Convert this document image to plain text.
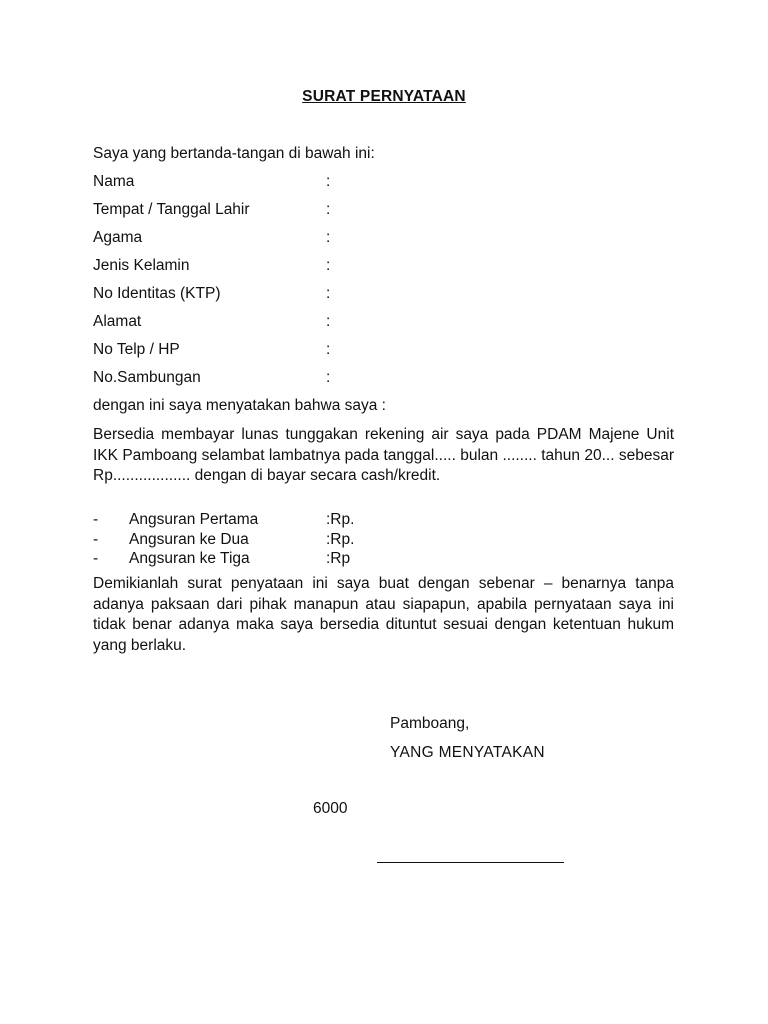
SURAT PERNYATAAN
Saya yang bertanda-tangan di bawah ini:
Nama	:
Tempat / Tanggal Lahir	:
Agama	:
Jenis Kelamin	:
No Identitas (KTP)	:
Alamat	:
No Telp / HP	:
No.Sambungan	:
dengan ini saya menyatakan bahwa saya :
Bersedia membayar lunas tunggakan rekening air saya pada PDAM Majene Unit IKK Pamboang selambat lambatnya pada tanggal..... bulan ........ tahun 20... sebesar Rp.................. dengan di bayar secara cash/kredit.
- Angsuran Pertama	:Rp.
- Angsuran ke Dua	:Rp.
- Angsuran ke Tiga	:Rp
Demikianlah surat penyataan ini saya buat dengan sebenar – benarnya tanpa adanya paksaan dari pihak manapun atau siapapun, apabila pernyataan saya ini tidak benar adanya maka saya bersedia dituntut sesuai dengan ketentuan hukum yang berlaku.
Pamboang,
YANG MENYATAKAN
6000
